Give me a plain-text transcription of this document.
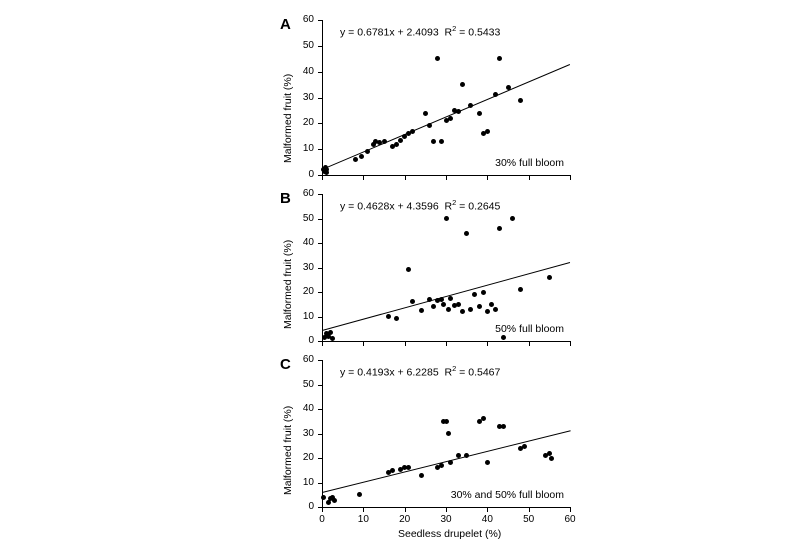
A
0
10
20
30
40
50
60
Malformed fruit (%)
y = 0.6781x + 2.4093  $R^2 = 0.5433$
30% full bloom
B
0
10
20
30
40
50
60
Malformed fruit (%)
y = 0.4628x + 4.3596  $R^2 = 0.2645$
50% full bloom
C
0
10
20
30
40
50
60
0	10	20	30	40	50	60
Malformed fruit (%)
Seedless drupelet (%)
y = 0.4193x + 6.2285  $R^2 = 0.5467$
30% and 50% full bloom
